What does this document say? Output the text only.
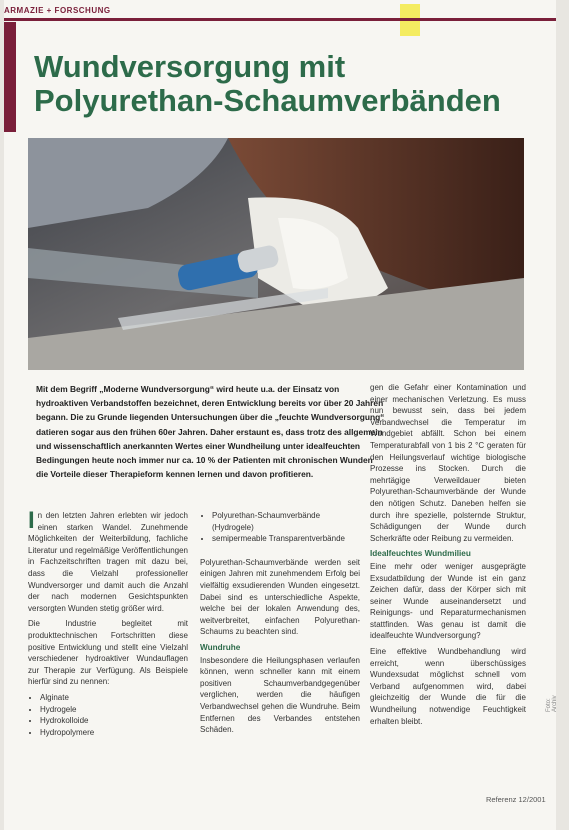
ARMAZIE + FORSCHUNG
Wundversorgung mit
Polyurethan-Schaumverbänden
Mit dem Begriff „Moderne Wundversorgung“ wird heute u.a. der Einsatz von hydroaktiven Verbandstoffen bezeichnet, deren Entwicklung bereits vor über 20 Jahren begann. Die zu Grunde liegenden Untersuchungen über die „feuchte Wundversorgung“ datieren sogar aus den frühen 60er Jahren. Daher erstaunt es, dass trotz des allgemein und wissenschaftlich anerkannten Wertes einer Wundheilung unter idealfeuchten Bedingungen heute noch immer nur ca. 10 % der Patienten mit chronischen Wunden die Vorteile dieser Therapieform kennen lernen und davon profitieren.

I n den letzten Jahren erlebten wir jedoch einen starken Wandel. Zunehmende Möglichkeiten der Weiterbildung, fachliche Literatur und regelmäßige Veröffentlichungen in Fachzeitschriften tragen mit dazu bei, dass die Vielzahl professioneller Wundversorger und damit auch die Anzahl der nach modernen Gesichtspunkten versorgten Wunden stetig größer wird.

Die Industrie begleitet mit produkttechnischen Fortschritten diese positive Entwicklung und stellt eine Vielzahl verschiedener hydroaktiver Wundauflagen zur Therapie zur Verfügung. Als Beispiele hierfür sind zu nennen:

• Alginate
• Hydrogele
• Hydrokolloide
• Hydropolymere
• Polyurethan-Schaumverbände (Hydrogele)
• semipermeable Transparentverbände

Polyurethan-Schaumverbände werden seit einigen Jahren mit zunehmendem Erfolg bei vielfältig exsudierenden Wunden eingesetzt. Dabei sind es unterschiedliche Aspekte, welche bei der lokalen Anwendung des, weitverbreitet, einfachen Polyurethan-Schaums zu beachten sind.

Wundruhe

Insbesondere die Heilungsphasen verlaufen können, wenn schneller kann mit einem positiven Schaumverbandgegenüber verglichen, werden die häufigen Verbandwechsel gehen die Wundruhe. Beim Entfernen des Verbandes entstehen Schäden.

gen die Gefahr einer Kontamination und einer mechanischen Verletzung. Es muss nun bewusst sein, dass bei jedem Verbandwechsel die Temperatur im Wundgebiet abfällt. Schon bei einem Temperaturabfall von 1 bis 2 °C geraten für den Heilungsverlauf wichtige biologische Prozesse ins Stocken. Durch die mehrtägige Verweildauer bieten Polyurethan-Schaumverbände der Wunde den nötigen Schutz. Daneben helfen sie durch ihre spezielle, polsternde Struktur, Schädigungen der Wunde durch Scherkräfte oder Reibung zu vermeiden.

Idealfeuchtes Wundmilieu

Eine mehr oder weniger ausgeprägte Exsudatbildung der Wunde ist ein ganz Zeichen dafür, dass der Körper sich mit seiner Wunde auseinandersetzt und Reinigungs- und Reparaturmechanismen stattfinden. Was genau ist damit die idealfeuchte Wundversorgung?

Eine effektive Wundbehandlung wird erreicht, wenn überschüssiges Wundexsudat möglichst schnell vom Verband aufgenommen wird, dabei gleichzeitig der Wunde die für die Wundheilung notwendige Feuchtigkeit erhalten bleibt.

Foto: Archiv
Referenz 12/2001
